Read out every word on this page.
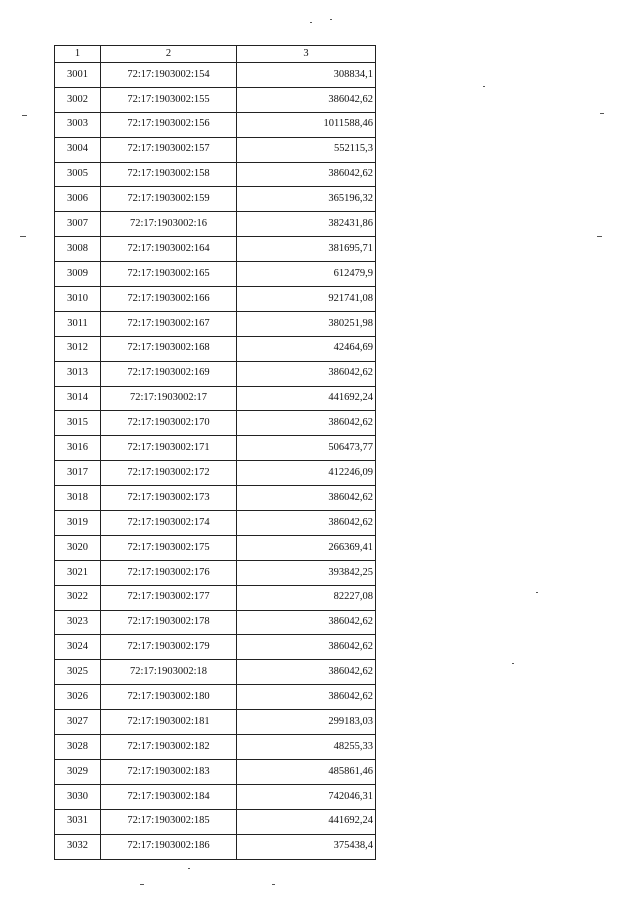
1	2	3
3001	72:17:1903002:154	308834,1
3002	72:17:1903002:155	386042,62
3003	72:17:1903002:156	1011588,46
3004	72:17:1903002:157	552115,3
3005	72:17:1903002:158	386042,62
3006	72:17:1903002:159	365196,32
3007	72:17:1903002:16	382431,86
3008	72:17:1903002:164	381695,71
3009	72:17:1903002:165	612479,9
3010	72:17:1903002:166	921741,08
3011	72:17:1903002:167	380251,98
3012	72:17:1903002:168	42464,69
3013	72:17:1903002:169	386042,62
3014	72:17:1903002:17	441692,24
3015	72:17:1903002:170	386042,62
3016	72:17:1903002:171	506473,77
3017	72:17:1903002:172	412246,09
3018	72:17:1903002:173	386042,62
3019	72:17:1903002:174	386042,62
3020	72:17:1903002:175	266369,41
3021	72:17:1903002:176	393842,25
3022	72:17:1903002:177	82227,08
3023	72:17:1903002:178	386042,62
3024	72:17:1903002:179	386042,62
3025	72:17:1903002:18	386042,62
3026	72:17:1903002:180	386042,62
3027	72:17:1903002:181	299183,03
3028	72:17:1903002:182	48255,33
3029	72:17:1903002:183	485861,46
3030	72:17:1903002:184	742046,31
3031	72:17:1903002:185	441692,24
3032	72:17:1903002:186	375438,4
